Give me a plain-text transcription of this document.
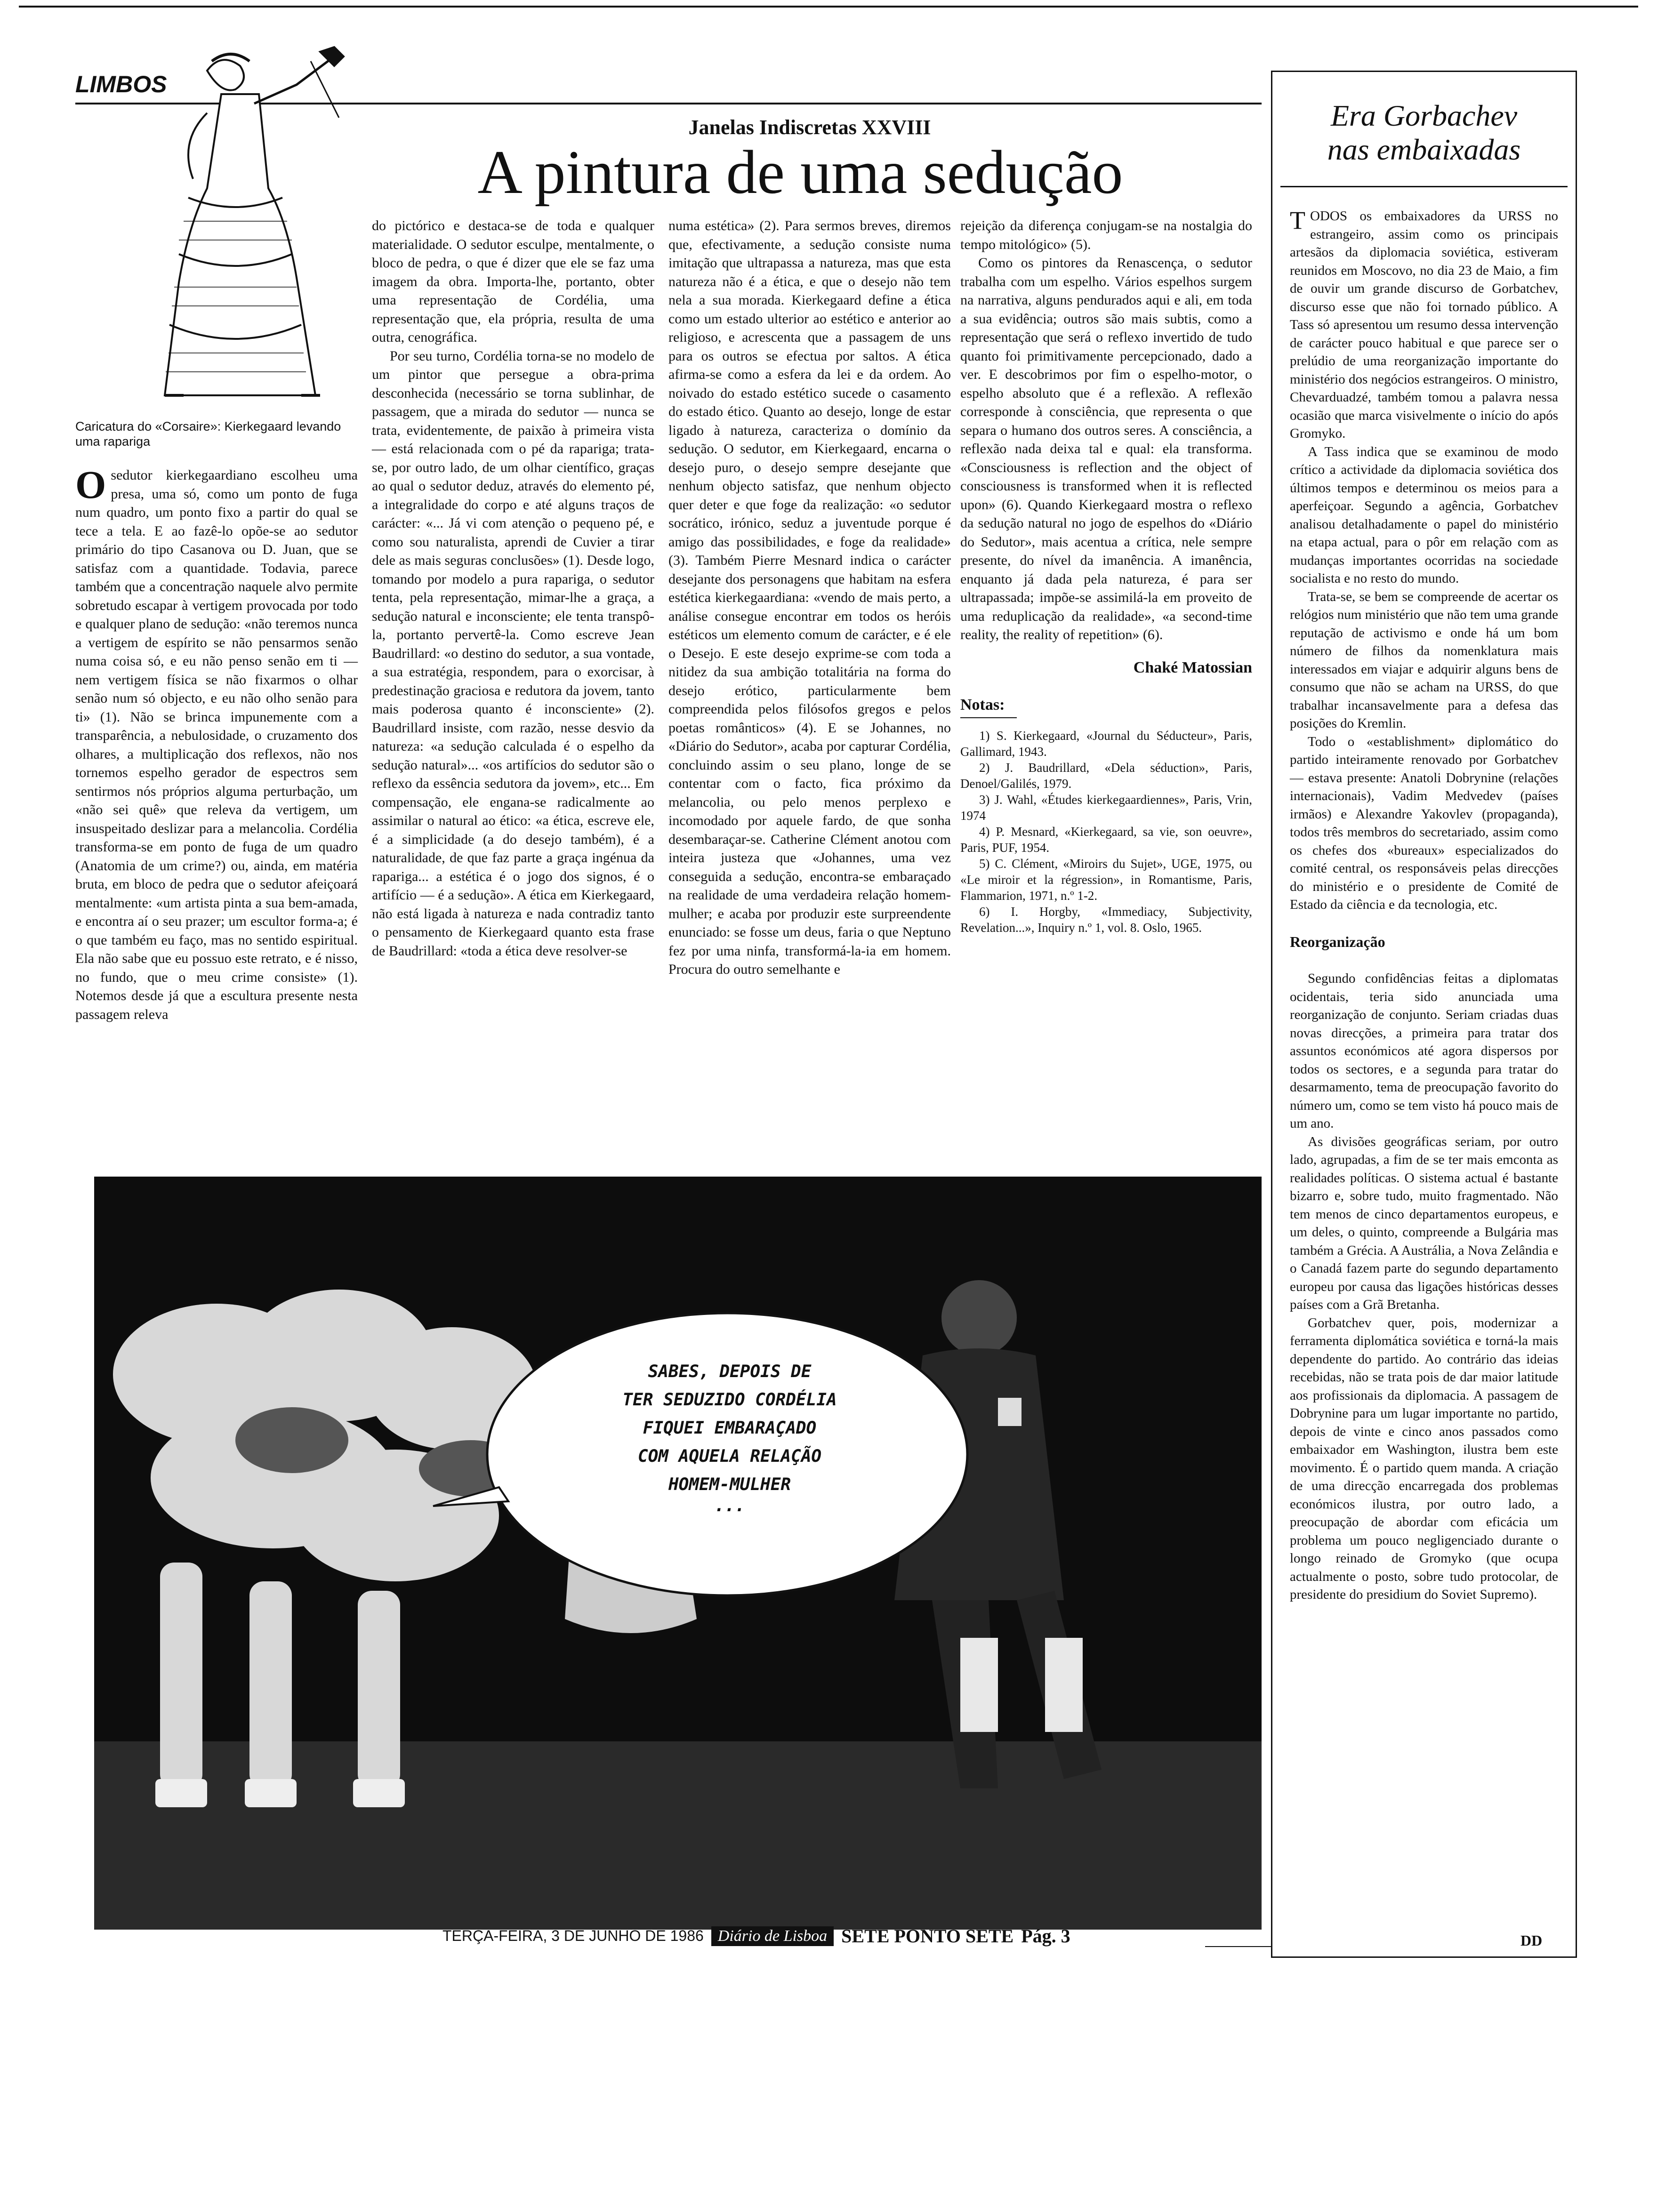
LIMBOS
Caricatura do «Corsaire»: Kierkegaard levando uma rapariga
Janelas Indiscretas XXVIII
A pintura de uma sedução

Osedutor kierkegaardiano escolheu uma presa, uma só, como um ponto de fuga num quadro, um ponto fixo a partir do qual se tece a tela. E ao fazê-lo opõe-se ao sedutor primário do tipo Casanova ou D. Juan, que se satisfaz com a quantidade. Todavia, parece também que a concentração naquele alvo permite sobretudo escapar à vertigem provocada por todo e qualquer plano de sedução: «não teremos nunca a vertigem de espírito se não pensarmos senão numa coisa só, e eu não penso senão em ti — nem vertigem física se não fixarmos o olhar senão num só objecto, e eu não olho senão para ti» (1). Não se brinca impunemente com a transparência, a nebulosidade, o cruzamento dos olhares, a multiplicação dos reflexos, não nos tornemos espelho gerador de espectros sem sentirmos nós próprios alguma perturbação, um «não sei quê» que releva da vertigem, um insuspeitado deslizar para a melancolia. Cordélia transforma-se em ponto de fuga de um quadro (Anatomia de um crime?) ou, ainda, em matéria bruta, em bloco de pedra que o sedutor afeiçoará mentalmente: «um artista pinta a sua bem-amada, e encontra aí o seu prazer; um escultor forma-a; é o que também eu faço, mas no sentido espiritual. Ela não sabe que eu possuo este retrato, e é nisso, no fundo, que o meu crime consiste» (1). Notemos desde já que a escultura presente nesta passagem releva

do pictórico e destaca-se de toda e qualquer materialidade. O sedutor esculpe, mentalmente, o bloco de pedra, o que é dizer que ele se faz uma imagem da obra. Importa-lhe, portanto, obter uma representação de Cordélia, uma representação que, ela própria, resulta de uma outra, cenográfica.

Por seu turno, Cordélia torna-se no modelo de um pintor que persegue a obra-prima desconhecida (necessário se torna sublinhar, de passagem, que a mirada do sedutor — nunca se trata, evidentemente, de paixão à primeira vista — está relacionada com o pé da rapariga; trata-se, por outro lado, de um olhar científico, graças ao qual o sedutor deduz, através do elemento pé, a integralidade do corpo e até alguns traços de carácter: «... Já vi com atenção o pequeno pé, e como sou naturalista, aprendi de Cuvier a tirar dele as mais seguras conclusões» (1). Desde logo, tomando por modelo a pura rapariga, o sedutor tenta, pela representação, mimar-lhe a graça, a sedução natural e inconsciente; ele tenta transpô-la, portanto pervertê-la. Como escreve Jean Baudrillard: «o destino do sedutor, a sua vontade, a sua estratégia, respondem, para o exorcisar, à predestinação graciosa e redutora da jovem, tanto mais poderosa quanto é inconsciente» (2). Baudrillard insiste, com razão, nesse desvio da natureza: «a sedução calculada é o espelho da sedução natural»... «os artifícios do sedutor são o reflexo da essência sedutora da jovem», etc... Em compensação, ele engana-se radicalmente ao assimilar o natural ao ético: «a ética, escreve ele, é a simplicidade (a do desejo também), é a naturalidade, de que faz parte a graça ingénua da rapariga... a estética é o jogo dos signos, é o artifício — é a sedução». A ética em Kierkegaard, não está ligada à natureza e nada contradiz tanto o pensamento de Kierkegaard quanto esta frase de Baudrillard: «toda a ética deve resolver-se

numa estética» (2). Para sermos breves, diremos que, efectivamente, a sedução consiste numa imitação que ultrapassa a natureza, mas que esta natureza não é a ética, e que o desejo não tem nela a sua morada. Kierkegaard define a ética como um estado ulterior ao estético e anterior ao religioso, e acrescenta que a passagem de uns para os outros se efectua por saltos. A ética afirma-se como a esfera da lei e da ordem. Ao noivado do estado estético sucede o casamento do estado ético. Quanto ao desejo, longe de estar ligado à natureza, caracteriza o domínio da sedução. O sedutor, em Kierkegaard, encarna o desejo puro, o desejo sempre desejante que nenhum objecto satisfaz, que nenhum objecto quer deter e que foge da realização: «o sedutor socrático, irónico, seduz a juventude porque é amigo das possibilidades, e foge da realidade» (3). Também Pierre Mesnard indica o carácter desejante dos personagens que habitam na esfera estética kierkegaardiana: «vendo de mais perto, a análise consegue encontrar em todos os heróis estéticos um elemento comum de carácter, e é ele o Desejo. E este desejo exprime-se com toda a nitidez da sua ambição totalitária na forma do desejo erótico, particularmente bem compreendida pelos filósofos gregos e pelos poetas românticos» (4). E se Johannes, no «Diário do Sedutor», acaba por capturar Cordélia, concluindo assim o seu plano, longe de se contentar com o facto, fica próximo da melancolia, ou pelo menos perplexo e incomodado por aquele fardo, de que sonha desembaraçar-se. Catherine Clément anotou com inteira justeza que «Johannes, uma vez conseguida a sedução, encontra-se embaraçado na realidade de uma verdadeira relação homem-mulher; e acaba por produzir este surpreendente enunciado: se fosse um deus, faria o que Neptuno fez por uma ninfa, transformá-la-ia em homem. Procura do outro semelhante e

rejeição da diferença conjugam-se na nostalgia do tempo mitológico» (5).

Como os pintores da Renascença, o sedutor trabalha com um espelho. Vários espelhos surgem na narrativa, alguns pendurados aqui e ali, em toda a sua evidência; outros são mais subtis, como a representação que será o reflexo invertido de tudo quanto foi primitivamente percepcionado, dado a ver. E descobrimos por fim o espelho-motor, o espelho absoluto que é a reflexão. A reflexão corresponde à consciência, que representa o que separa o humano dos outros seres. A consciência, a reflexão nada deixa tal e qual: ela transforma. «Consciousness is reflection and the object of consciousness is transformed when it is reflected upon» (6). Quando Kierkegaard mostra o reflexo da sedução natural no jogo de espelhos do «Diário do Sedutor», mais acentua a crítica, nele sempre presente, do nível da imanência. A imanência, enquanto já dada pela natureza, é para ser ultrapassada; impõe-se assimilá-la em proveito de uma reduplicação da realidade», «a second-time reality, the reality of repetition» (6).

Chaké Matossian
Notas:
1) S. Kierkegaard, «Journal du Séducteur», Paris, Gallimard, 1943.
2) J. Baudrillard, «Dela séduction», Paris, Denoel/Galilés, 1979.
3) J. Wahl, «Études kierkegaardiennes», Paris, Vrin, 1974
4) P. Mesnard, «Kierkegaard, sa vie, son oeuvre», Paris, PUF, 1954.
5) C. Clément, «Miroirs du Sujet», UGE, 1975, ou «Le miroir et la régression», in Romantisme, Paris, Flammarion, 1971, n.º 1-2.
6) I. Horgby, «Immediacy, Subjectivity, Revelation...», Inquiry n.º 1, vol. 8. Oslo, 1965.
SABES, DEPOIS DE
TER SEDUZIDO CORDÉLIA
FIQUEI EMBARAÇADO
COM AQUELA RELAÇÃO
HOMEM-MULHER
...
Era Gorbachev
nas embaixadas

TODOS os embaixadores da URSS no estrangeiro, assim como os principais artesãos da diplomacia soviética, estiveram reunidos em Moscovo, no dia 23 de Maio, a fim de ouvir um grande discurso de Gorbatchev, discurso esse que não foi tornado público. A Tass só apresentou um resumo dessa intervenção de carácter pouco habitual e que parece ser o prelúdio de uma reorganização importante do ministério dos negócios estrangeiros. O ministro, Chevarduadzé, também tomou a palavra nessa ocasião que marca visivelmente o início do após Gromyko.

A Tass indica que se examinou de modo crítico a actividade da diplomacia soviética dos últimos tempos e determinou os meios para a aperfeiçoar. Segundo a agência, Gorbatchev analisou detalhadamente o papel do ministério na etapa actual, para o pôr em relação com as mudanças importantes ocorridas na sociedade socialista e no resto do mundo.

Trata-se, se bem se compreende de acertar os relógios num ministério que não tem uma grande reputação de activismo e onde há um bom número de filhos da nomenklatura mais interessados em viajar e adquirir alguns bens de consumo que não se acham na URSS, do que trabalhar incansavelmente para a defesa das posições do Kremlin.

Todo o «establishment» diplomático do partido inteiramente renovado por Gorbatchev — estava presente: Anatoli Dobrynine (relações internacionais), Vadim Medvedev (países irmãos) e Alexandre Yakovlev (propaganda), todos três membros do secretariado, assim como os chefes dos «bureaux» especializados do comité central, os responsáveis pelas direcções do ministério e o presidente de Comité de Estado da ciência e da tecnologia, etc.

Reorganização

Segundo confidências feitas a diplomatas ocidentais, teria sido anunciada uma reorganização de conjunto. Seriam criadas duas novas direcções, a primeira para tratar dos assuntos económicos até agora dispersos por todos os sectores, e a segunda para tratar do desarmamento, tema de preocupação favorito do número um, como se tem visto há pouco mais de um ano.

As divisões geográficas seriam, por outro lado, agrupadas, a fim de se ter mais emconta as realidades políticas. O sistema actual é bastante bizarro e, sobre tudo, muito fragmentado. Não tem menos de cinco departamentos europeus, e um deles, o quinto, compreende a Bulgária mas também a Grécia. A Austrália, a Nova Zelândia e o Canadá fazem parte do segundo departamento europeu por causa das ligações históricas desses países com a Grã Bretanha.

Gorbatchev quer, pois, modernizar a ferramenta diplomática soviética e torná-la mais dependente do partido. Ao contrário das ideias recebidas, não se trata pois de dar maior latitude aos profissionais da diplomacia. A passagem de Dobrynine para um lugar importante no partido, depois de vinte e cinco anos passados como embaixador em Washington, ilustra bem este movimento. É o partido quem manda. A criação de uma direcção encarregada dos problemas económicos ilustra, por outro lado, a preocupação de abordar com eficácia um problema um pouco negligenciado durante o longo reinado de Gromyko (que ocupa actualmente o posto, sobre tudo protocolar, de presidente do presidium do Soviet Supremo).

DD
TERÇA-FEIRA, 3 DE JUNHO DE 1986 Diário de Lisboa SETE PONTO SETE Pág. 3
